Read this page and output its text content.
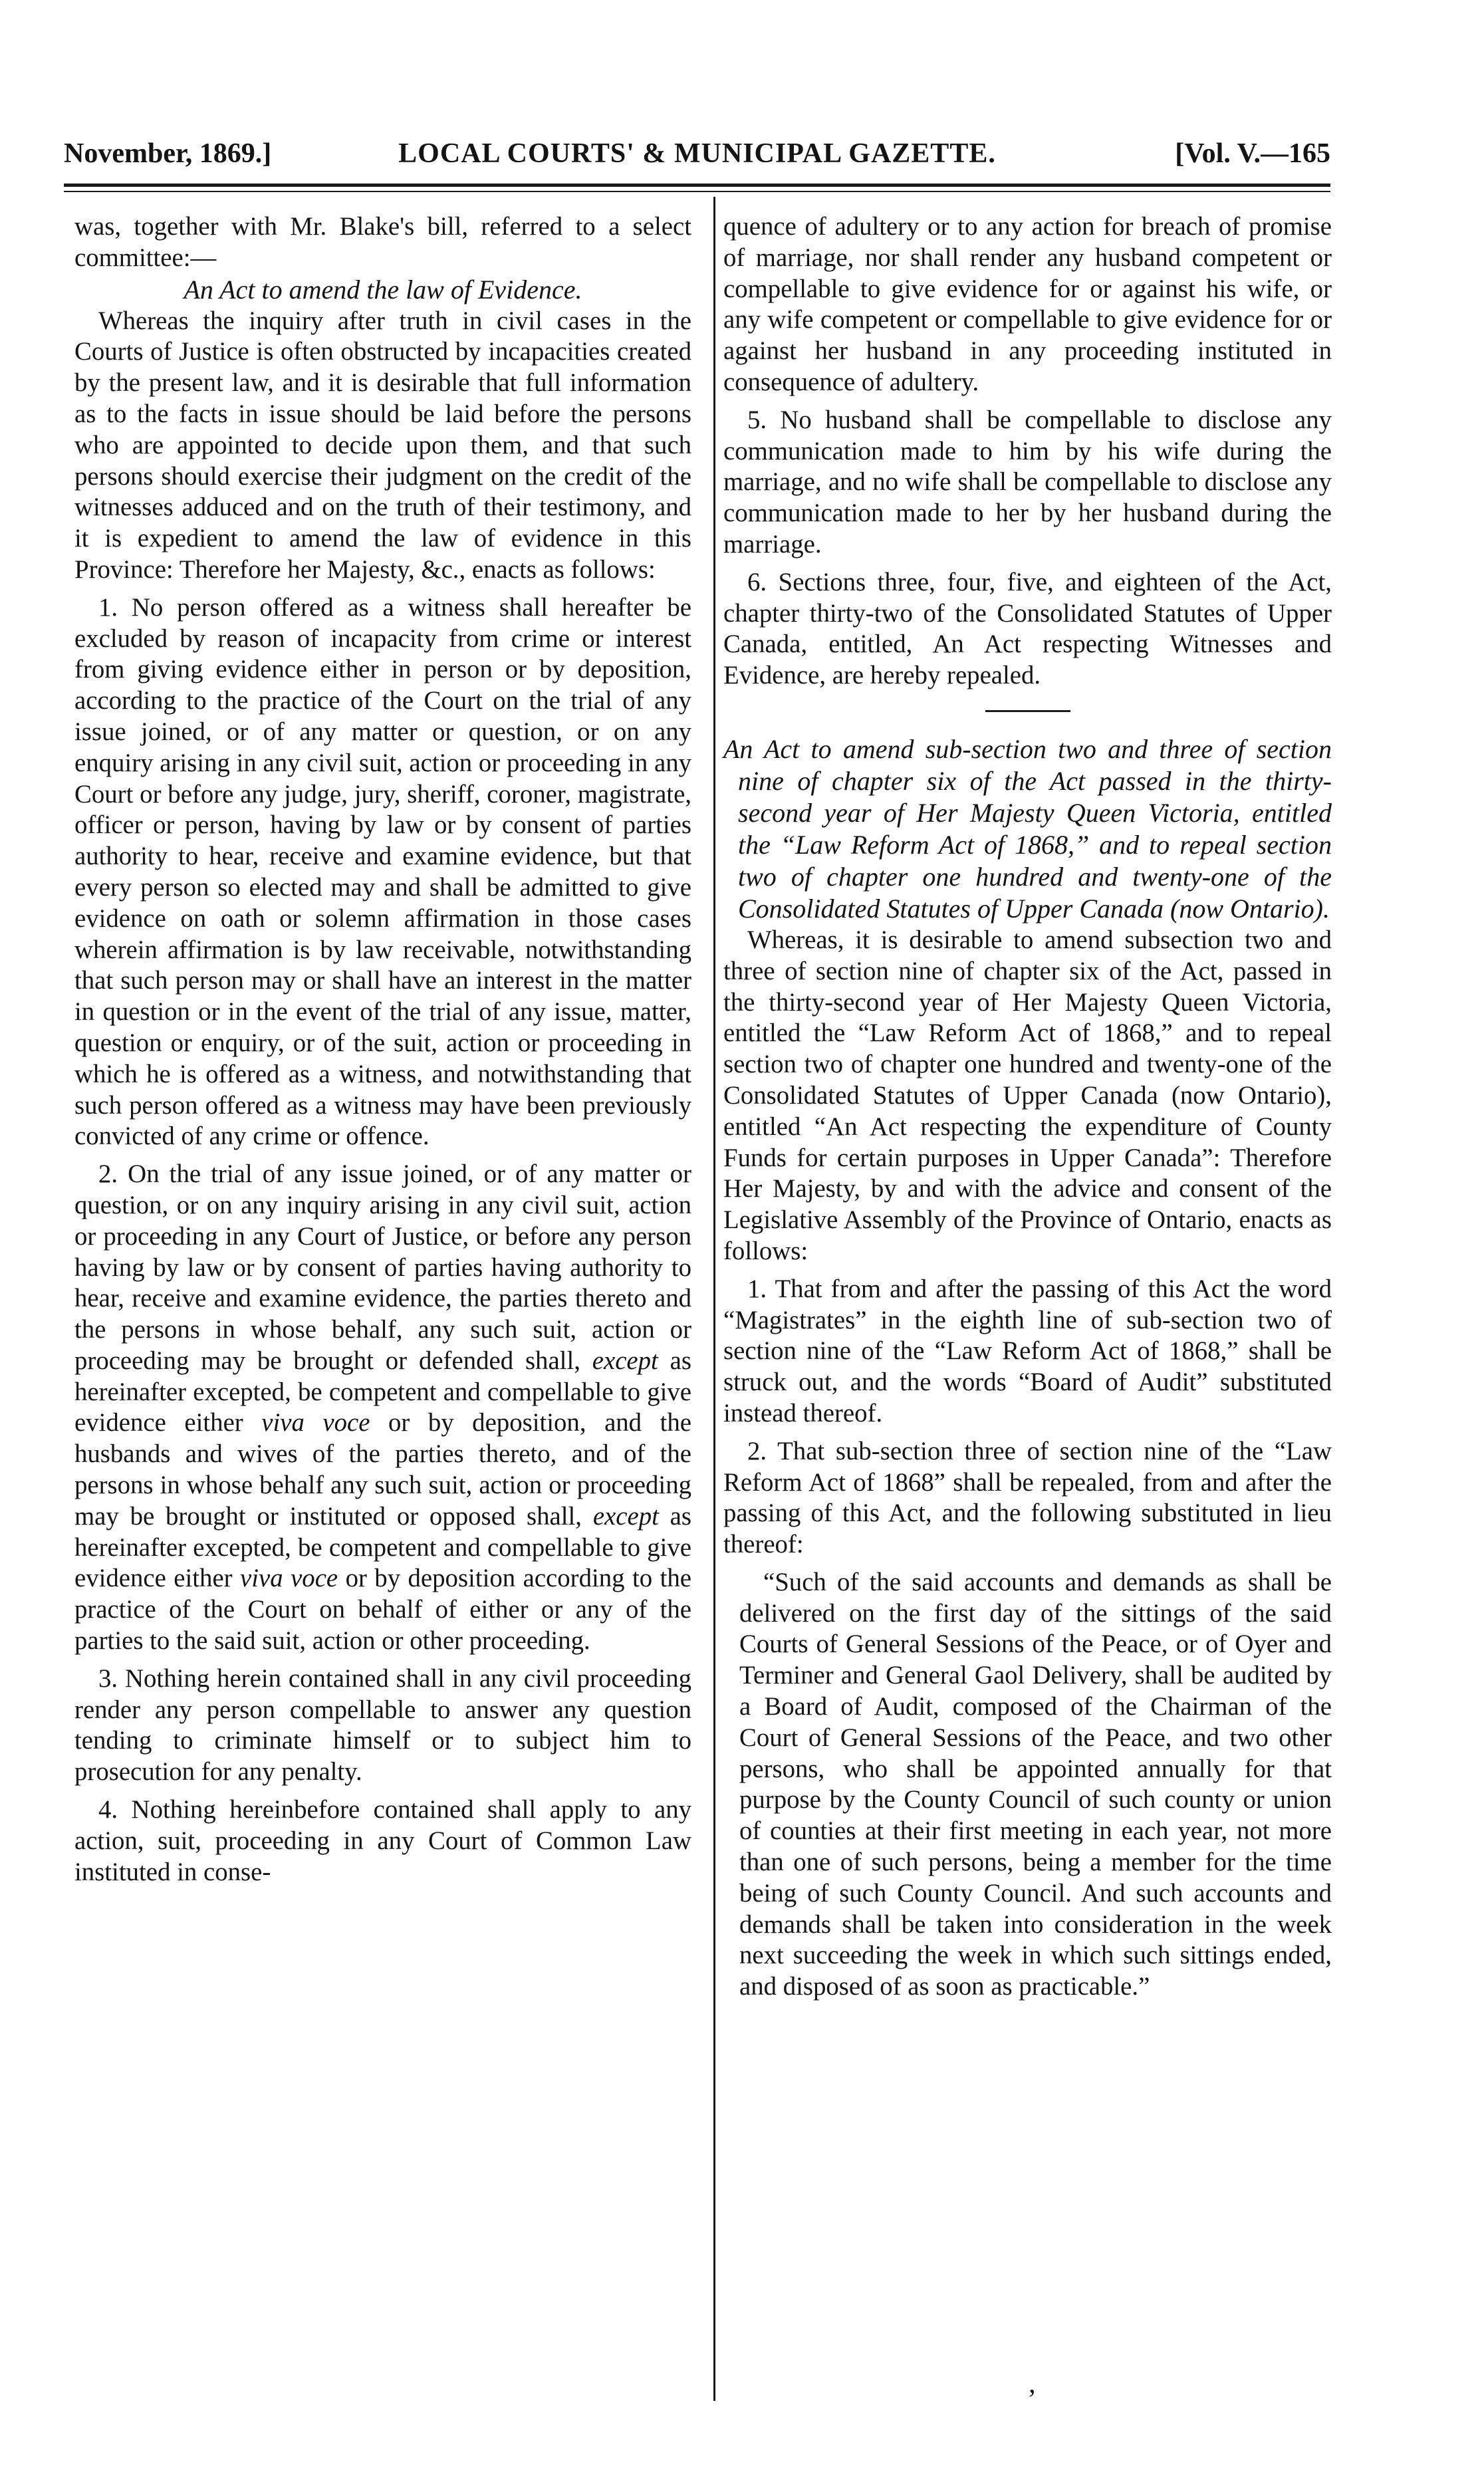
November, 1869.]	LOCAL COURTS' & MUNICIPAL GAZETTE.	[Vol. V.—165

was, together with Mr. Blake's bill, referred to a select committee:—

An Act to amend the law of Evidence.

Whereas the inquiry after truth in civil cases in the Courts of Justice is often obstructed by incapacities created by the present law, and it is desirable that full information as to the facts in issue should be laid before the persons who are appointed to decide upon them, and that such persons should exercise their judgment on the credit of the witnesses adduced and on the truth of their testimony, and it is expedient to amend the law of evidence in this Province: Therefore her Majesty, &c., enacts as follows:

1. No person offered as a witness shall hereafter be excluded by reason of incapacity from crime or interest from giving evidence either in person or by deposition, according to the practice of the Court on the trial of any issue joined, or of any matter or question, or on any enquiry arising in any civil suit, action or proceeding in any Court or before any judge, jury, sheriff, coroner, magistrate, officer or person, having by law or by consent of parties authority to hear, receive and examine evidence, but that every person so elected may and shall be admitted to give evidence on oath or solemn affirmation in those cases wherein affirmation is by law receivable, notwithstanding that such person may or shall have an interest in the matter in question or in the event of the trial of any issue, matter, question or enquiry, or of the suit, action or proceeding in which he is offered as a witness, and notwithstanding that such person offered as a witness may have been previously convicted of any crime or offence.

2. On the trial of any issue joined, or of any matter or question, or on any inquiry arising in any civil suit, action or proceeding in any Court of Justice, or before any person having by law or by consent of parties having authority to hear, receive and examine evidence, the parties thereto and the persons in whose behalf, any such suit, action or proceeding may be brought or defended shall, except as hereinafter excepted, be competent and compellable to give evidence either viva voce or by deposition, and the husbands and wives of the parties thereto, and of the persons in whose behalf any such suit, action or proceeding may be brought or instituted or opposed shall, except as hereinafter excepted, be competent and compellable to give evidence either viva voce or by deposition according to the practice of the Court on behalf of either or any of the parties to the said suit, action or other proceeding.

3. Nothing herein contained shall in any civil proceeding render any person compellable to answer any question tending to criminate himself or to subject him to prosecution for any penalty.

4. Nothing hereinbefore contained shall apply to any action, suit, proceeding in any Court of Common Law instituted in conse-

quence of adultery or to any action for breach of promise of marriage, nor shall render any husband competent or compellable to give evidence for or against his wife, or any wife competent or compellable to give evidence for or against her husband in any proceeding instituted in consequence of adultery.

5. No husband shall be compellable to disclose any communication made to him by his wife during the marriage, and no wife shall be compellable to disclose any communication made to her by her husband during the marriage.

6. Sections three, four, five, and eighteen of the Act, chapter thirty-two of the Consolidated Statutes of Upper Canada, entitled, An Act respecting Witnesses and Evidence, are hereby repealed.

An Act to amend sub-section two and three of section nine of chapter six of the Act passed in the thirty-second year of Her Majesty Queen Victoria, entitled the “Law Reform Act of 1868,” and to repeal section two of chapter one hundred and twenty-one of the Consolidated Statutes of Upper Canada (now Ontario).

Whereas, it is desirable to amend subsection two and three of section nine of chapter six of the Act, passed in the thirty-second year of Her Majesty Queen Victoria, entitled the “Law Reform Act of 1868,” and to repeal section two of chapter one hundred and twenty-one of the Consolidated Statutes of Upper Canada (now Ontario), entitled “An Act respecting the expenditure of County Funds for certain purposes in Upper Canada”: Therefore Her Majesty, by and with the advice and consent of the Legislative Assembly of the Province of Ontario, enacts as follows:

1. That from and after the passing of this Act the word “Magistrates” in the eighth line of sub-section two of section nine of the “Law Reform Act of 1868,” shall be struck out, and the words “Board of Audit” substituted instead thereof.

2. That sub-section three of section nine of the “Law Reform Act of 1868” shall be repealed, from and after the passing of this Act, and the following substituted in lieu thereof:

“Such of the said accounts and demands as shall be delivered on the first day of the sittings of the said Courts of General Sessions of the Peace, or of Oyer and Terminer and General Gaol Delivery, shall be audited by a Board of Audit, composed of the Chairman of the Court of General Sessions of the Peace, and two other persons, who shall be appointed annually for that purpose by the County Council of such county or union of counties at their first meeting in each year, not more than one of such persons, being a member for the time being of such County Council. And such accounts and demands shall be taken into consideration in the week next succeeding the week in which such sittings ended, and disposed of as soon as practicable.”

ʼ
